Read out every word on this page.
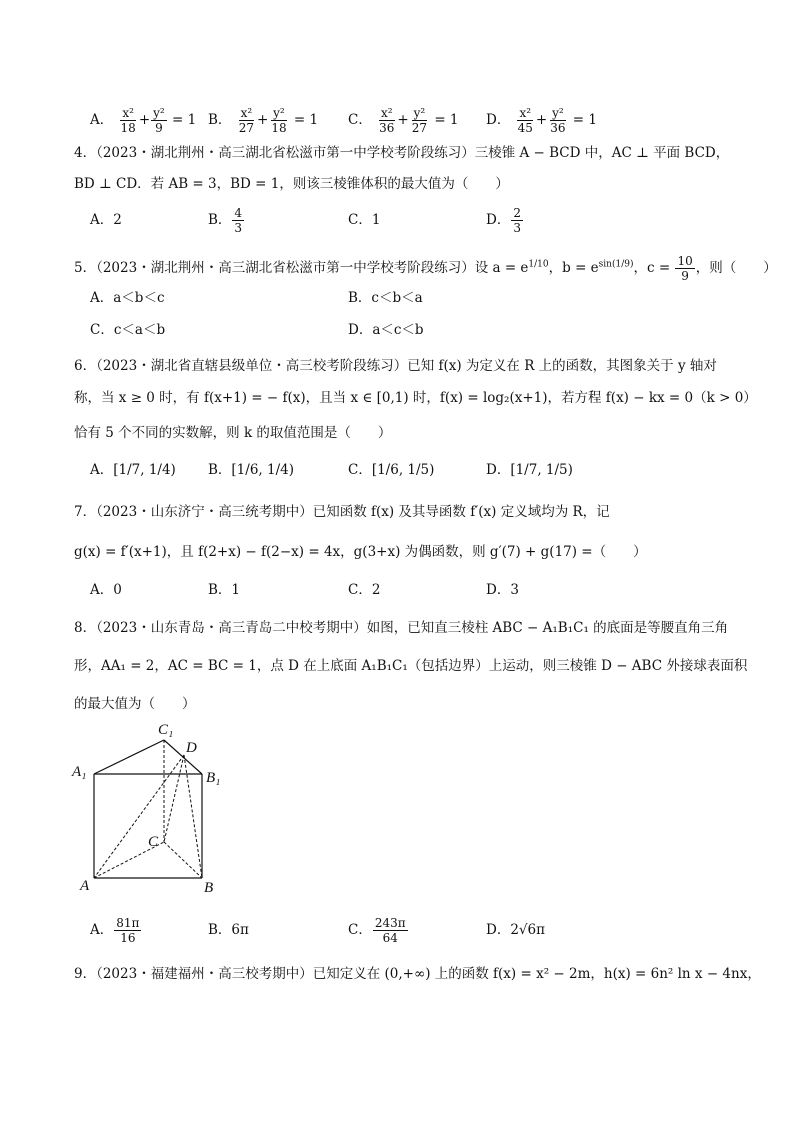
A． $\frac{\text{x²}}{18} + \frac{\text{y²}}{9} = 1$ B． $\frac{\text{x²}}{27} + \frac{\text{y²}}{18} = 1$ C． $\frac{\text{x²}}{36} + \frac{\text{y²}}{27} = 1$ D． $\frac{\text{x²}}{45} + \frac{\text{y²}}{36} = 1$
4．（2023・湖北荆州・高三湖北省松滋市第一中学校考阶段练习）三棱锥 A − BCD 中，AC ⊥ 平面 BCD，
BD ⊥ CD．若 AB = 3，BD = 1，则该三棱锥体积的最大值为（　　）
A．2	B． $\frac{4}{3}$	C．1	D． $\frac{2}{3}$
5．（2023・湖北荆州・高三湖北省松滋市第一中学校考阶段练习）设 $a = e^{1/10}$，$b = e^{sin(1/9)}$，$c = \frac{10}{9}$ ，则（　　）
A．a＜b＜c	B．c＜b＜a
C．c＜a＜b	D．a＜c＜b
6．（2023・湖北省直辖县级单位・高三校考阶段练习）已知 f(x) 为定义在 R 上的函数，其图象关于 y 轴对
称，当 x ≥ 0 时，有 f(x+1) = − f(x)，且当 x ∈ [0,1) 时，f(x) = log₂(x+1)，若方程 f(x) − kx = 0（k > 0）
恰有 5 个不同的实数解，则 k 的取值范围是（　　）
A．[1/7, 1/4) B．[1/6, 1/4)	C．[1/6, 1/5)	D．[1/7, 1/5)
7．（2023・山东济宁・高三统考期中）已知函数 f(x) 及其导函数 f′(x) 定义域均为 R，记
g(x) = f′(x+1)，且 f(2+x) − f(2−x) = 4x，g(3+x) 为偶函数，则 g′(7) + g(17) =（　　）
A．0	B．1	C．2	D．3
8．（2023・山东青岛・高三青岛二中校考期中）如图，已知直三棱柱 ABC − A₁B₁C₁ 的底面是等腰直角三角
形，AA₁ = 2，AC = BC = 1，点 D 在上底面 A₁B₁C₁（包括边界）上运动，则三棱锥 D − ABC 外接球表面积
的最大值为（　　）
C₁
D
A₁	B₁
C
A	B
A． $\frac{81\pi}{16}$	B．6π	C． $\frac{243\pi}{64}$	D．2√6π
9．（2023・福建福州・高三校考期中）已知定义在 (0,+∞) 上的函数 f(x) = x² − 2m，h(x) = 6n² ln x − 4nx，
